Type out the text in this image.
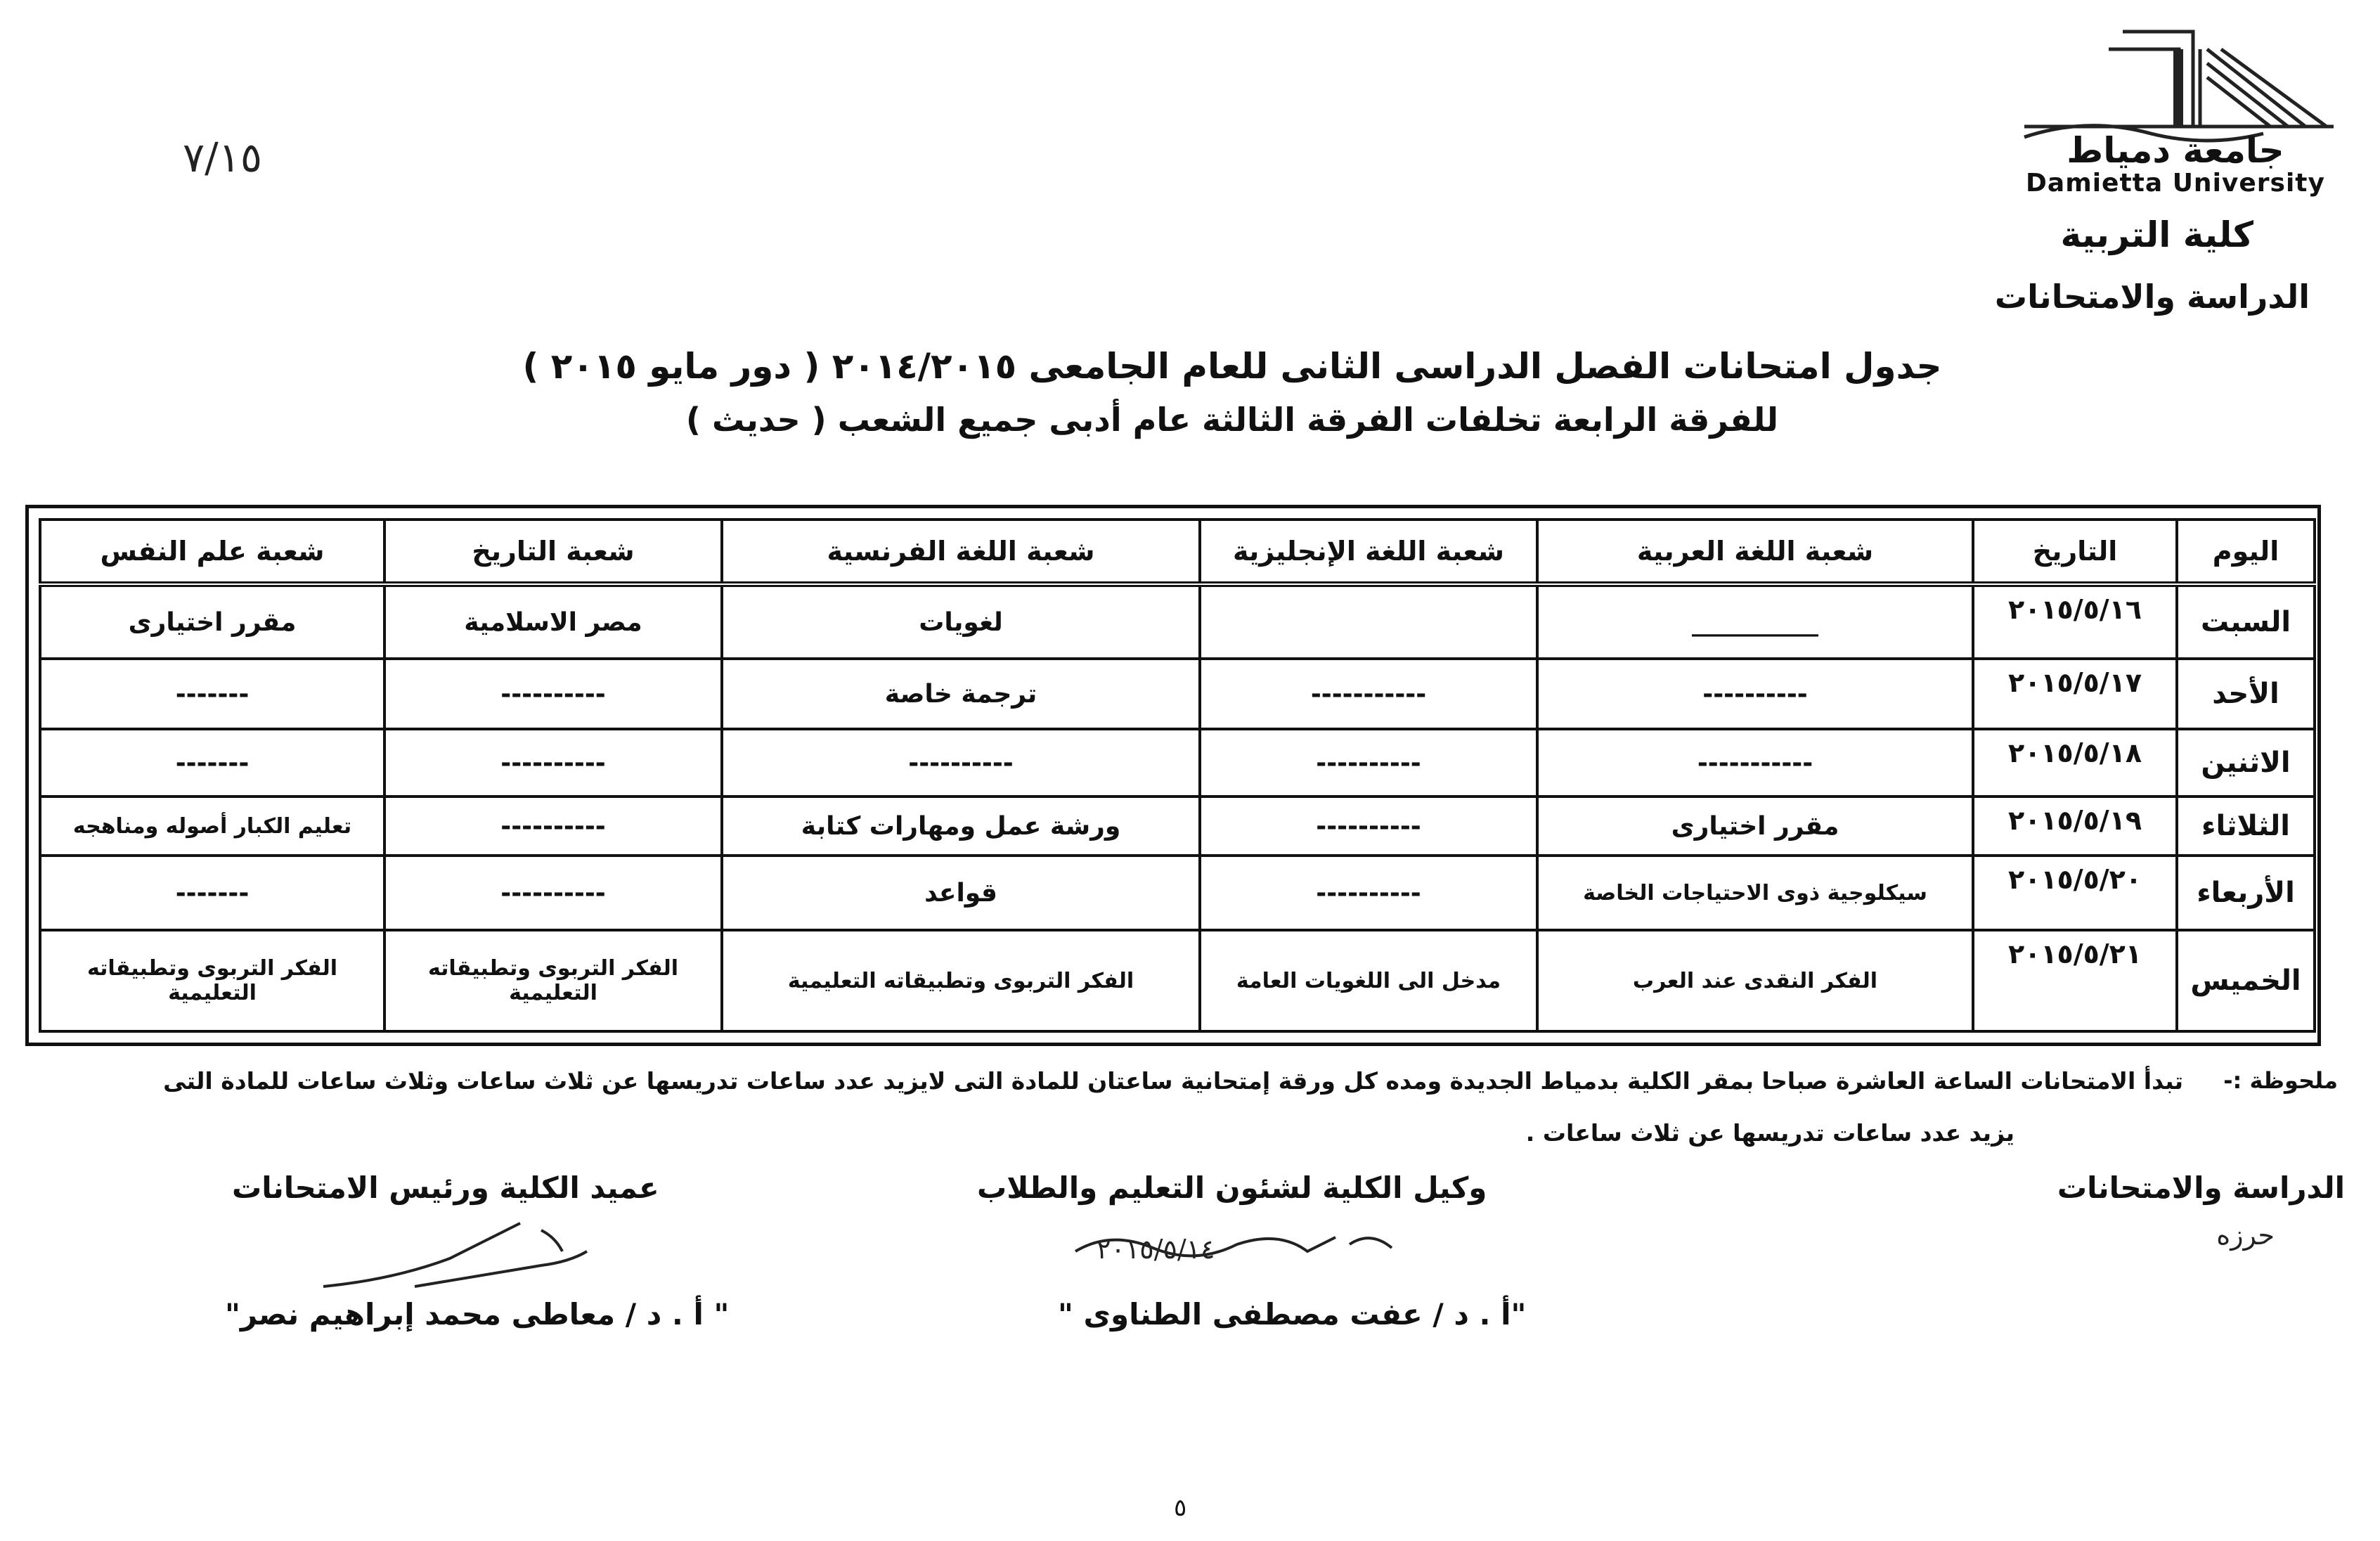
٧/١٥	جامعة دمياط
Damietta University
كلية التربية
الدراسة والامتحانات
جدول امتحانات الفصل الدراسى الثانى للعام الجامعى ٢٠١٤/٢٠١٥ ( دور مايو ٢٠١٥ )
للفرقة الرابعة تخلفات الفرقة الثالثة عام أدبى جميع الشعب ( حديث )
اليوم	التاريخ	شعبة اللغة العربية	شعبة اللغة الإنجليزية	شعبة اللغة الفرنسية	شعبة التاريخ	شعبة علم النفس
السبت	٢٠١٥/٥/١٦	__________		لغويات	مصر الاسلامية	مقرر اختيارى
الأحد	٢٠١٥/٥/١٧	----------	-----------	ترجمة خاصة	----------	-------
الاثنين	٢٠١٥/٥/١٨	-----------	----------	----------	----------	-------
الثلاثاء	٢٠١٥/٥/١٩	مقرر اختيارى	----------	ورشة عمل ومهارات كتابة	----------	تعليم الكبار أصوله ومناهجه
الأربعاء	٢٠١٥/٥/٢٠	سيكلوجية ذوى الاحتياجات الخاصة	----------	قواعد	----------	-------
الخميس	٢٠١٥/٥/٢١	الفكر النقدى عند العرب	مدخل الى اللغويات العامة	الفكر التربوى وتطبيقاته التعليمية	الفكر التربوى وتطبيقاته التعليمية	الفكر التربوى وتطبيقاته التعليمية
ملحوظة :-
تبدأ الامتحانات الساعة العاشرة صباحا بمقر الكلية بدمياط الجديدة ومده كل ورقة إمتحانية ساعتان للمادة التى لايزيد عدد ساعات تدريسها عن ثلاث ساعات وثلاث ساعات للمادة التى
يزيد عدد ساعات تدريسها عن ثلاث ساعات .
الدراسة والامتحانات
حرزه
وكيل الكلية لشئون التعليم والطلاب
٢٠١٥/٥/١٤
"أ . د / عفت مصطفى الطناوى "
عميد الكلية ورئيس الامتحانات
" أ . د / معاطى محمد إبراهيم نصر"
٥
